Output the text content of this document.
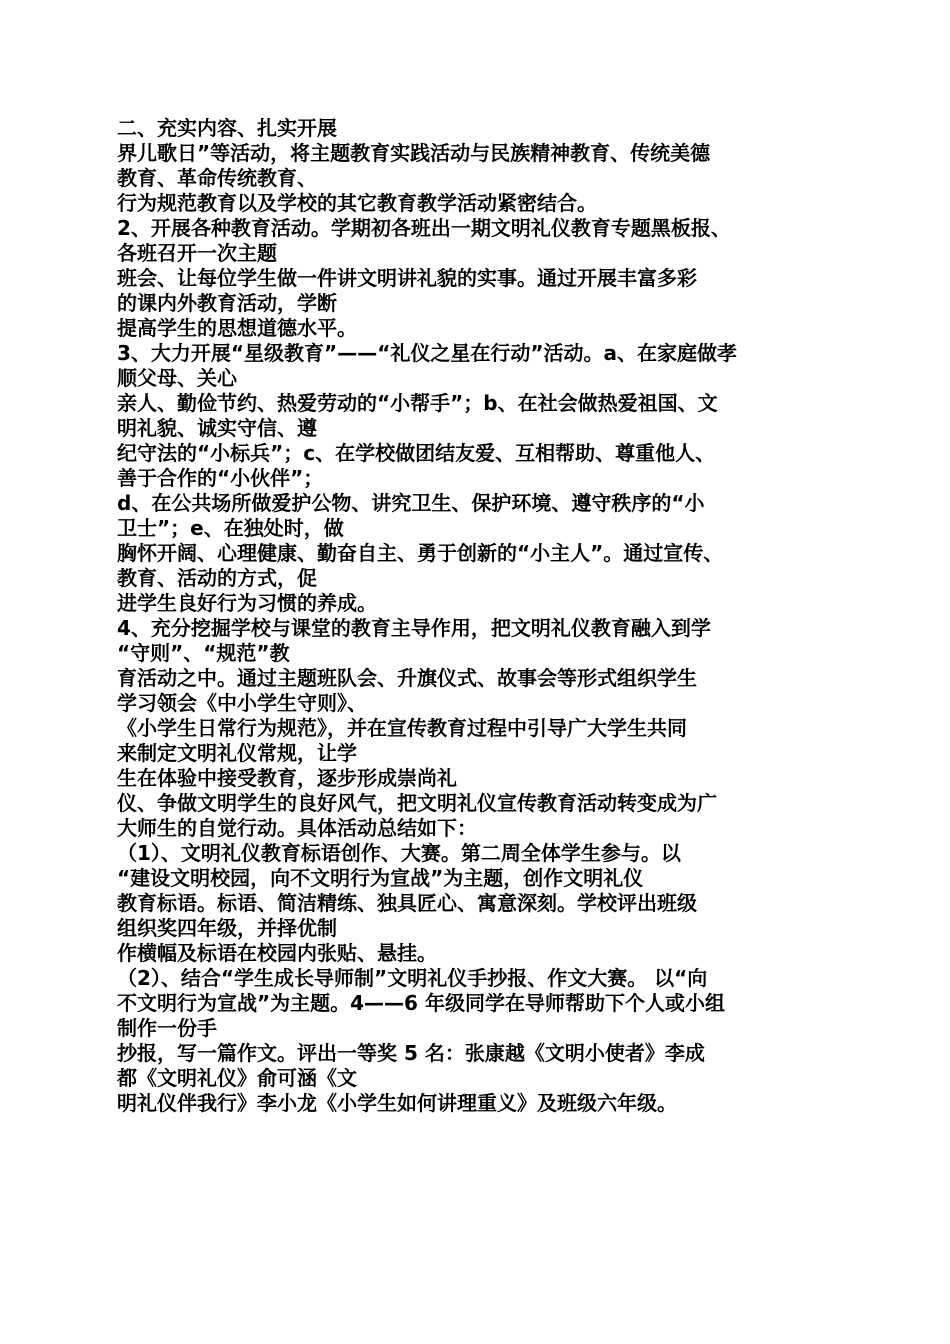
二、充实内容、扎实开展
界儿歌日”等活动，将主题教育实践活动与民族精神教育、传统美德
教育、革命传统教育、
行为规范教育以及学校的其它教育教学活动紧密结合。
2、开展各种教育活动。学期初各班出一期文明礼仪教育专题黑板报、
各班召开一次主题
班会、让每位学生做一件讲文明讲礼貌的实事。通过开展丰富多彩
的课内外教育活动，学断
提高学生的思想道德水平。
3、大力开展“星级教育”——“礼仪之星在行动”活动。a、在家庭做孝
顺父母、关心
亲人、勤俭节约、热爱劳动的“小帮手”；b、在社会做热爱祖国、文
明礼貌、诚实守信、遵
纪守法的“小标兵”；c、在学校做团结友爱、互相帮助、尊重他人、
善于合作的“小伙伴”；
d、在公共场所做爱护公物、讲究卫生、保护环境、遵守秩序的“小
卫士”；e、在独处时，做
胸怀开阔、心理健康、勤奋自主、勇于创新的“小主人”。通过宣传、
教育、活动的方式，促
进学生良好行为习惯的养成。
4、充分挖掘学校与课堂的教育主导作用，把文明礼仪教育融入到学
“守则”、“规范”教
育活动之中。通过主题班队会、升旗仪式、故事会等形式组织学生
学习领会《中小学生守则》、
《小学生日常行为规范》，并在宣传教育过程中引导广大学生共同
来制定文明礼仪常规，让学
生在体验中接受教育，逐步形成崇尚礼
仪、争做文明学生的良好风气，把文明礼仪宣传教育活动转变成为广
大师生的自觉行动。具体活动总结如下：
（1）、文明礼仪教育标语创作、大赛。第二周全体学生参与。以
“建设文明校园，向不文明行为宣战”为主题，创作文明礼仪
教育标语。标语、简洁精练、独具匠心、寓意深刻。学校评出班级
组织奖四年级，并择优制
作横幅及标语在校园内张贴、悬挂。
（2）、结合“学生成长导师制”文明礼仪手抄报、作文大赛。 以“向
不文明行为宣战”为主题。4——6 年级同学在导师帮助下个人或小组
制作一份手
抄报，写一篇作文。评出一等奖 5 名：张康越《文明小使者》李成
都《文明礼仪》俞可涵《文
明礼仪伴我行》李小龙《小学生如何讲理重义》及班级六年级。
